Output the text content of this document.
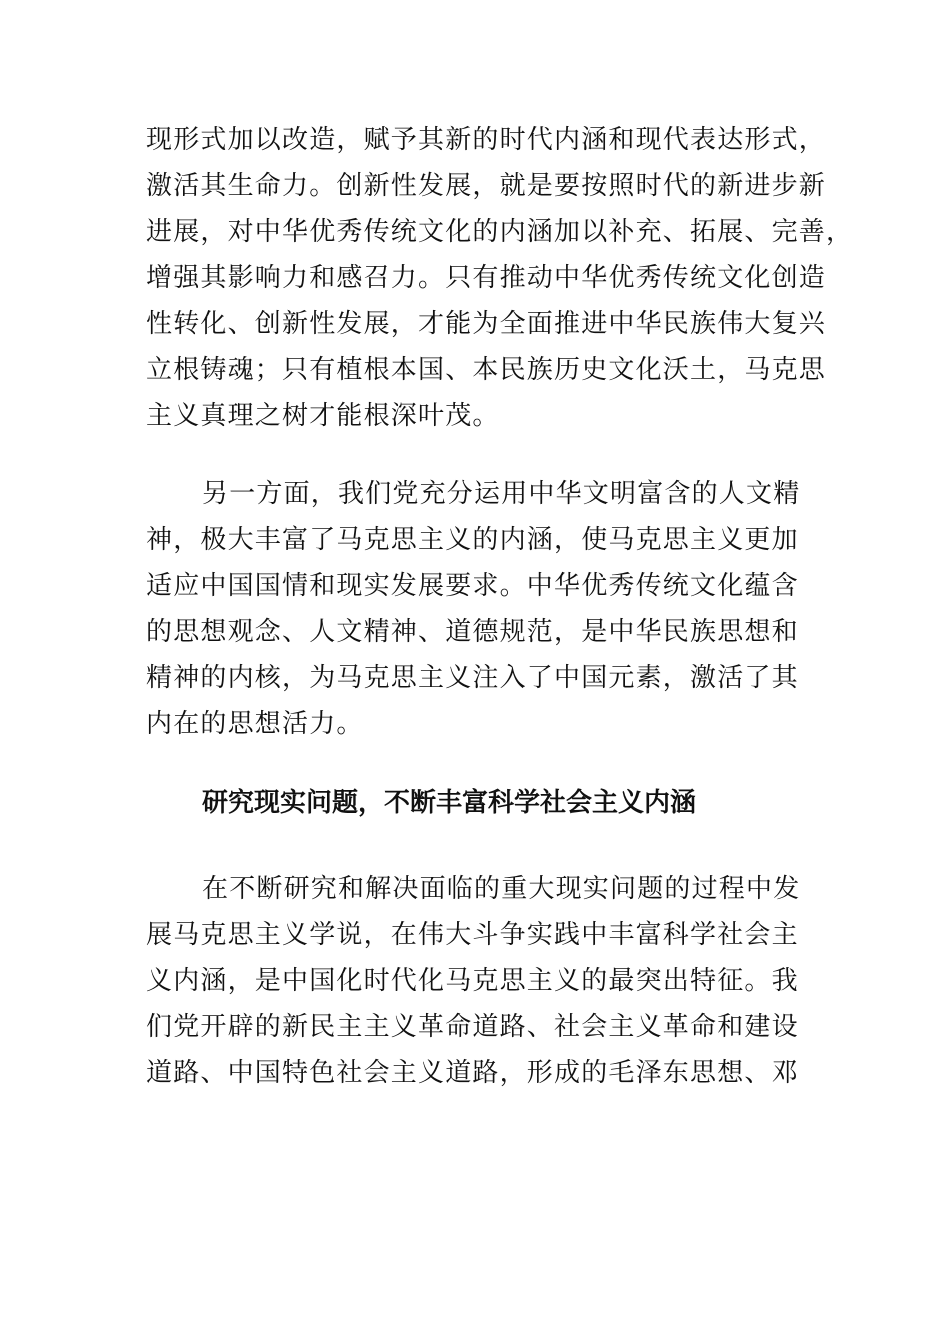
现形式加以改造，赋予其新的时代内涵和现代表达形式，
激活其生命力。创新性发展，就是要按照时代的新进步新
进展，对中华优秀传统文化的内涵加以补充、拓展、完善，
增强其影响力和感召力。只有推动中华优秀传统文化创造
性转化、创新性发展，才能为全面推进中华民族伟大复兴
立根铸魂；只有植根本国、本民族历史文化沃土，马克思
主义真理之树才能根深叶茂。
另一方面，我们党充分运用中华文明富含的人文精
神，极大丰富了马克思主义的内涵，使马克思主义更加
适应中国国情和现实发展要求。中华优秀传统文化蕴含
的思想观念、人文精神、道德规范，是中华民族思想和
精神的内核，为马克思主义注入了中国元素，激活了其
内在的思想活力。
研究现实问题，不断丰富科学社会主义内涵
在不断研究和解决面临的重大现实问题的过程中发
展马克思主义学说，在伟大斗争实践中丰富科学社会主
义内涵，是中国化时代化马克思主义的最突出特征。我
们党开辟的新民主主义革命道路、社会主义革命和建设
道路、中国特色社会主义道路，形成的毛泽东思想、邓
